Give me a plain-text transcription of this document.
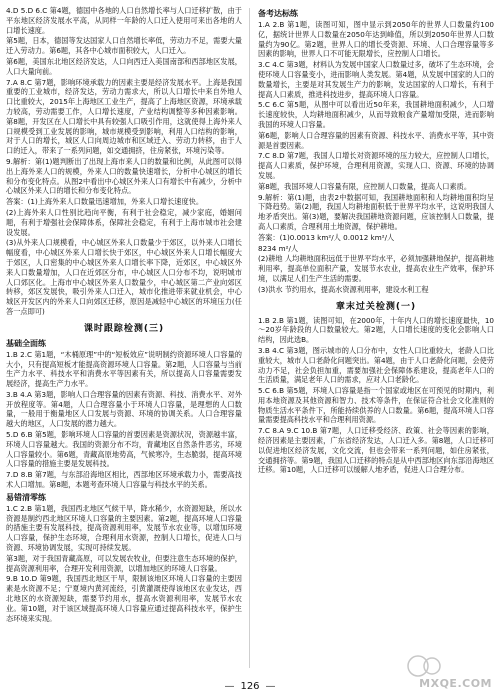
4.D 5.D 6.C 第4题，德国中各地的人口自然增长率与人口迁移扩散，由于平东地区经济发展水平高，从同样一年龄的人口迁入使用可来出各地的人口增长速度。
第5题，日本，德国等发达国家人口自然增长率低，劳动力不足，需要大量迁入劳动力。第6题，其各中心城市面积较大，人口迁入。
第6题，美国东北地区经济发达，人口向西迁入美国南部和西部地区发展，人口大量向前。
7.A 8.C 第7题，影响环境承载力的因素主要是经济发展水平。上海是我国重要的工业城市，经济发达，劳动力需求大，所以人口增长中来自外地人口比重较大，2015年上海地区工业生产，提高了上海地区资源，环境承载力较高，劳动需要工作，人口增长速度，产业结构调整等多种因素影响。第8题，开发区在人口增长中具有较强人口吸引作用，这就使得上海外来人口规模受到工业发展的影响，城市规模受到影响，利用人口结构的影响，对于人口的增长，城区人口向周边城市和区域迁入、劳动力转移，由于人口的迁入，带来了一系列问题，如交通拥挤，住房紧张，环境污染等。
9.解析：第(1)题判断出了出现上海市来人口的数量和比例，从此图可以得出上海外来人口的规模，外来人口的数量快速增长，分析中心城区的增长和分布变化特点。从图2中看出中心城区外来人口有增长中有减少，分析中心城区外来人口的增长和分布变化特点。
答案：(1)上海外来人口数量迅速增加，外来人口增长速度快。
(2)上海外来人口性别比趋向平衡，有利于社会稳定，减少家庭，婚姻问题，有利于增强社会保障体系，保障社会稳定，有利于上海市城市社会建设发展。
(3)从外来人口规模看，中心城区外来人口数量少于郊区，以外来人口增长幅度看，中心城区外来人口增长快于郊区，中心城区外来人口增长幅度大于郊区，人口密集的中心城区外来人口增长率下降，近郊区，中心城区外来人口数量增加，人口在近郊区分布，中心城区人口分布不均，说明城市人口郊区化。上海市中心城区外来人口数量少，中心城区第二产业向郊区转移，郊区发展快，吸引外来人口迁入，城市化推进带来就业机会，中心城区开发区内的外来人口向郊区迁移，原因是减轻中心城区的环境压力(任答一点即可)
课时跟踪检测(三)
基础全面练
1.B 2.C 第1题，“木桶原理”中的“短板效应”说明制约资源环境人口容量的大小，只有提高短板才能提高资源环境人口容量。第2题，人口容量与当前生产力水平、科技水平和消费水平等因素有关，所以提高人口容量需要发展经济，提高生产力水平。
3.B 4.A 第3题，影响人口合理容量的因素有资源、科技、消费水平、对外开放程度等。第4题，人口合理容量小于环境人口容量，是理想的人口数量，一般用于衡量地区人口发展与资源、环境的协调关系。人口合理容量越大的地区，人口发展的潜力越大。
5.D 6.B 第5题，影响环境人口容量的首要因素是资源状况，资源越丰富，环境人口容量越大。我国的资源分布不均，青藏地区自然条件恶劣，环境人口容量较小。第6题，青藏高原地势高，气候寒冷，生态脆弱，提高环境人口容量的措施主要是发展科技。
7.D 8.B 第7题，与东部沿海地区相比，西部地区环境承载力小，需要高技术人口增加。第8题，本题考查环境人口容量与科技水平的关系。
易错清零练
1.C 2.B 第1题，我国西北地区气候干旱，降水稀少，水资源短缺，所以水资源是制约西北地区环境人口容量的主要因素。第2题，提高环境人口容量的措施主要有发展科技，提高资源利用率，发展节水农业等，以增加环境人口容量，保护生态环境，合理利用水资源，控制人口增长，促进人口与资源、环境协调发展，实现可持续发展。
第3题，对于我国青藏高原，可以发展农牧业，但要注意生态环境的保护，提高资源利用率，合理开发利用资源，以增加地区的环境人口容量。
9.B 10.D 第9题，我国西北地区干旱，限制该地区环境人口容量的主要因素是水资源不足；宁夏境内黄河流经，引黄灌溉使得该地区农业发达，西北地区的水资源短缺，需要节约用水，提高水资源利用率，发展节水农业。第10题，对于该区域提高环境人口容量应通过提高科技水平，保护生态环境来实现。
备考达标练
1.A 2.B 第1题，读图可知，图中显示到2050年的世界人口数量约100亿，据统计世界人口数量在2050年达到峰值，所以到2050年世界人口数量约为90亿。第2题，世界人口的增长受资源、环境、人口合理容量等多因素的影响，世界人口不可能无限增长，应控制人口增长。
3.C 4.C 第3题，材料认为发展中国家人口数量过多，破坏了生态环境，会使环境人口容量变小，进而影响人类发展。第4题，从发展中国家的人口的数量增长，主要是对其发展生产力的影响，发达国家的人口增长，有利于提高人口素质，推进科技进步，提高环境人口容量。
5.C 6.C 第5题，从图中可以看出近50年来，我国耕地面积减少，人口增长速度较快，人均耕地面积减少，从而导致粮食产量增加受限，进而影响我国的环境人口容量。
第6题，影响人口合理容量的因素有资源、科技水平、消费水平等，其中资源是首要因素。
7.C 8.D 第7题，我国人口增长对资源环境的压力较大，应控制人口增长，提高人口素质，保护环境，合理利用资源，实现人口、资源、环境的协调发展。
第8题，我国环境人口容量有限，应控制人口数量，提高人口素质。
9.解析：第(1)题，由表2中数据可知，我国耕地面积和人均耕地面积均呈下降趋势。第(2)题，我国人均耕地面积低于世界平均水平，这说明我国人地矛盾突出。第(3)题，要解决我国耕地资源问题，应该控制人口数量，提高人口素质，合理利用土地资源，保护耕地。
答案：(1)0.0013 km²/人 0.0012 km²/人
8234 m²/人
(2)耕地 人均耕地面积远低于世界平均水平，必须加强耕地保护，提高耕地利用率，提高单位面积产量，发展节水农业，提高农业生产效率，保护环境，以满足人们生产生活的需要。
(3)洪水 节约用水，提高水资源利用率，建设水利工程
章末过关检测(一)
1.B 2.B 第1题，读图可知，在2000年，十年内人口的增长速度最快，10～20岁年龄段的人口数量较大。第2题，人口增长速度的变化会影响人口结构，因此选B。
3.B 4.C 第3题，图示城市的人口分布中，女性人口比重较大，老龄人口比重较大，城市人口老龄化问题突出。第4题，由于人口老龄化问题，会使劳动力不足，社会负担加重，需要加强社会保障体系建设，提高老年人口的生活质量，满足老年人口的需求，应对人口老龄化。
5.C 6.B 第5题，环境人口容量是指一个国家或地区在可预见的时期内，利用本地资源及其他资源和智力、技术等条件，在保证符合社会文化准则的物质生活水平条件下，所能持续供养的人口数量。第6题，提高环境人口容量需要提高科技水平和合理利用资源。
7.C 8.A 9.C 10.B 第7题，人口迁移受经济、政策、社会等因素的影响，经济因素是主要因素，广东省经济发达，人口迁入多。第8题，人口迁移可以促进地区经济发展，文化交流，但也会带来一系列问题，如住房紧张，交通拥挤等。第9题，我国人口迁移的特点是从中西部地区向东部沿海地区迁移。第10题，人口迁移可以缓解人地矛盾，促进人口合理分布。
— 126 —	MXQE.COM
